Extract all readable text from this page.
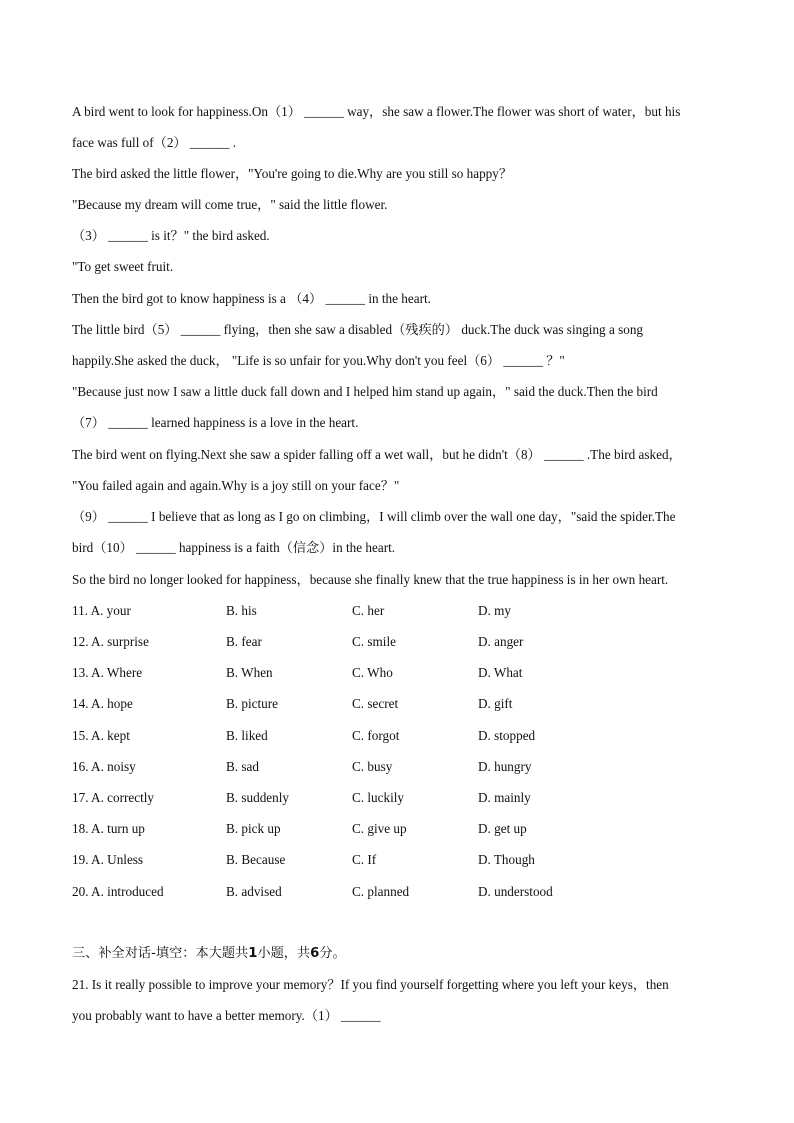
A bird went to look for happiness.On（1） ______ way，she saw a flower.The flower was short of water，but his
face was full of（2） ______ .
The bird asked the little flower，"You're going to die.Why are you still so happy？
"Because my dream will come true，" said the little flower.
（3） ______ is it？" the bird asked.
"To get sweet fruit.
Then the bird got to know happiness is a （4） ______ in the heart.
The little bird（5） ______ flying，then she saw a disabled（残疾的） duck.The duck was singing a song
happily.She asked the duck， "Life is so unfair for you.Why don't you feel（6） ______ ？"
"Because just now I saw a little duck fall down and I helped him stand up again，" said the duck.Then the bird
（7） ______ learned happiness is a love in the heart.
The bird went on flying.Next she saw a spider falling off a wet wall，but he didn't（8） ______ .The bird asked，
"You failed again and again.Why is a joy still on your face？"
（9） ______ I believe that as long as I go on climbing，I will climb over the wall one day，"said the spider.The
bird（10） ______ happiness is a faith（信念）in the heart.
So the bird no longer looked for happiness，because she finally knew that the true happiness is in her own heart.
11. A. your	B. his	C. her	D. my
12. A. surprise	B. fear	C. smile	D. anger
13. A. Where	B. When	C. Who	D. What
14. A. hope	B. picture	C. secret	D. gift
15. A. kept	B. liked	C. forgot	D. stopped
16. A. noisy	B. sad	C. busy	D. hungry
17. A. correctly	B. suddenly	C. luckily	D. mainly
18. A. turn up	B. pick up	C. give up	D. get up
19. A. Unless	B. Because	C. If	D. Though
20. A. introduced	B. advised	C. planned	D. understood
三、补全对话-填空：本大题共1小题，共6分。
21. Is it really possible to improve your memory？If you find yourself forgetting where you left your keys，then
you probably want to have a better memory.（1） ______
